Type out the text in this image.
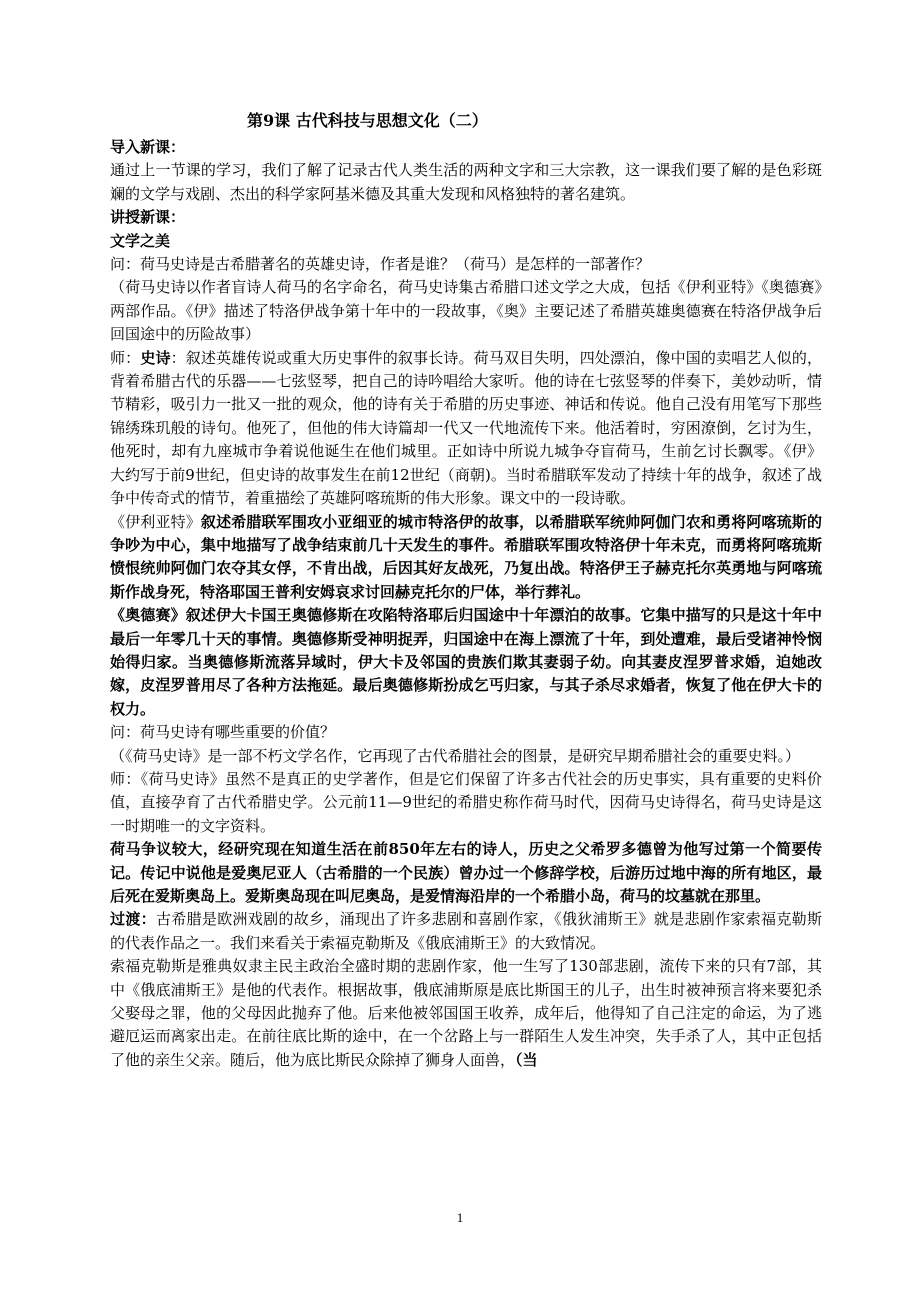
第9课 古代科技与思想文化（二）

导入新课：

通过上一节课的学习，我们了解了记录古代人类生活的两种文字和三大宗教，这一课我们要了解的是色彩斑斓的文学与戏剧、杰出的科学家阿基米德及其重大发现和风格独特的著名建筑。

讲授新课：

文学之美

问：荷马史诗是古希腊著名的英雄史诗，作者是谁？（荷马）是怎样的一部著作？

（荷马史诗以作者盲诗人荷马的名字命名，荷马史诗集古希腊口述文学之大成，包括《伊利亚特》《奥德赛》两部作品。《伊》描述了特洛伊战争第十年中的一段故事，《奥》主要记述了希腊英雄奥德赛在特洛伊战争后回国途中的历险故事）

师：史诗：叙述英雄传说或重大历史事件的叙事长诗。荷马双目失明，四处漂泊，像中国的卖唱艺人似的，背着希腊古代的乐器——七弦竖琴，把自己的诗吟唱给大家听。他的诗在七弦竖琴的伴奏下，美妙动听，情节精彩，吸引力一批又一批的观众，他的诗有关于希腊的历史事迹、神话和传说。他自己没有用笔写下那些锦绣珠玑般的诗句。他死了，但他的伟大诗篇却一代又一代地流传下来。他活着时，穷困潦倒，乞讨为生，他死时，却有九座城市争着说他诞生在他们城里。正如诗中所说九城争夺盲荷马，生前乞讨长飘零。《伊》大约写于前9世纪，但史诗的故事发生在前12世纪（商朝)。当时希腊联军发动了持续十年的战争，叙述了战争中传奇式的情节，着重描绘了英雄阿喀琉斯的伟大形象。课文中的一段诗歌。

《伊利亚特》叙述希腊联军围攻小亚细亚的城市特洛伊的故事，以希腊联军统帅阿伽门农和勇将阿喀琉斯的争吵为中心，集中地描写了战争结束前几十天发生的事件。希腊联军围攻特洛伊十年未克，而勇将阿喀琉斯愤恨统帅阿伽门农夺其女俘，不肯出战，后因其好友战死，乃复出战。特洛伊王子赫克托尔英勇地与阿喀琉斯作战身死，特洛耶国王普利安姆哀求讨回赫克托尔的尸体，举行葬礼。

《奥德赛》叙述伊大卡国王奥德修斯在攻陷特洛耶后归国途中十年漂泊的故事。它集中描写的只是这十年中最后一年零几十天的事情。奥德修斯受神明捉弄，归国途中在海上漂流了十年，到处遭难，最后受诸神怜悯始得归家。当奥德修斯流落异域时，伊大卡及邻国的贵族们欺其妻弱子幼。向其妻皮涅罗普求婚，迫她改嫁，皮涅罗普用尽了各种方法拖延。最后奥德修斯扮成乞丐归家，与其子杀尽求婚者，恢复了他在伊大卡的权力。

问：荷马史诗有哪些重要的价值？

（《荷马史诗》是一部不朽文学名作，它再现了古代希腊社会的图景，是研究早期希腊社会的重要史料。）

师：《荷马史诗》虽然不是真正的史学著作，但是它们保留了许多古代社会的历史事实，具有重要的史料价值，直接孕育了古代希腊史学。公元前11—9世纪的希腊史称作荷马时代，因荷马史诗得名，荷马史诗是这一时期唯一的文字资料。

荷马争议较大，经研究现在知道生活在前850年左右的诗人，历史之父希罗多德曾为他写过第一个简要传记。传记中说他是爱奥尼亚人（古希腊的一个民族）曾办过一个修辞学校，后游历过地中海的所有地区，最后死在爱斯奥岛上。爱斯奥岛现在叫尼奥岛，是爱情海沿岸的一个希腊小岛，荷马的坟墓就在那里。

过渡：古希腊是欧洲戏剧的故乡，涌现出了许多悲剧和喜剧作家，《俄狄浦斯王》就是悲剧作家索福克勒斯的代表作品之一。我们来看关于索福克勒斯及《俄底浦斯王》的大致情况。

索福克勒斯是雅典奴隶主民主政治全盛时期的悲剧作家，他一生写了130部悲剧，流传下来的只有7部，其中《俄底浦斯王》是他的代表作。根据故事，俄底浦斯原是底比斯国王的儿子，出生时被神预言将来要犯杀父娶母之罪，他的父母因此抛弃了他。后来他被邻国国王收养，成年后，他得知了自己注定的命运，为了逃避厄运而离家出走。在前往底比斯的途中，在一个岔路上与一群陌生人发生冲突，失手杀了人，其中正包括了他的亲生父亲。随后，他为底比斯民众除掉了狮身人面兽，（当

1
